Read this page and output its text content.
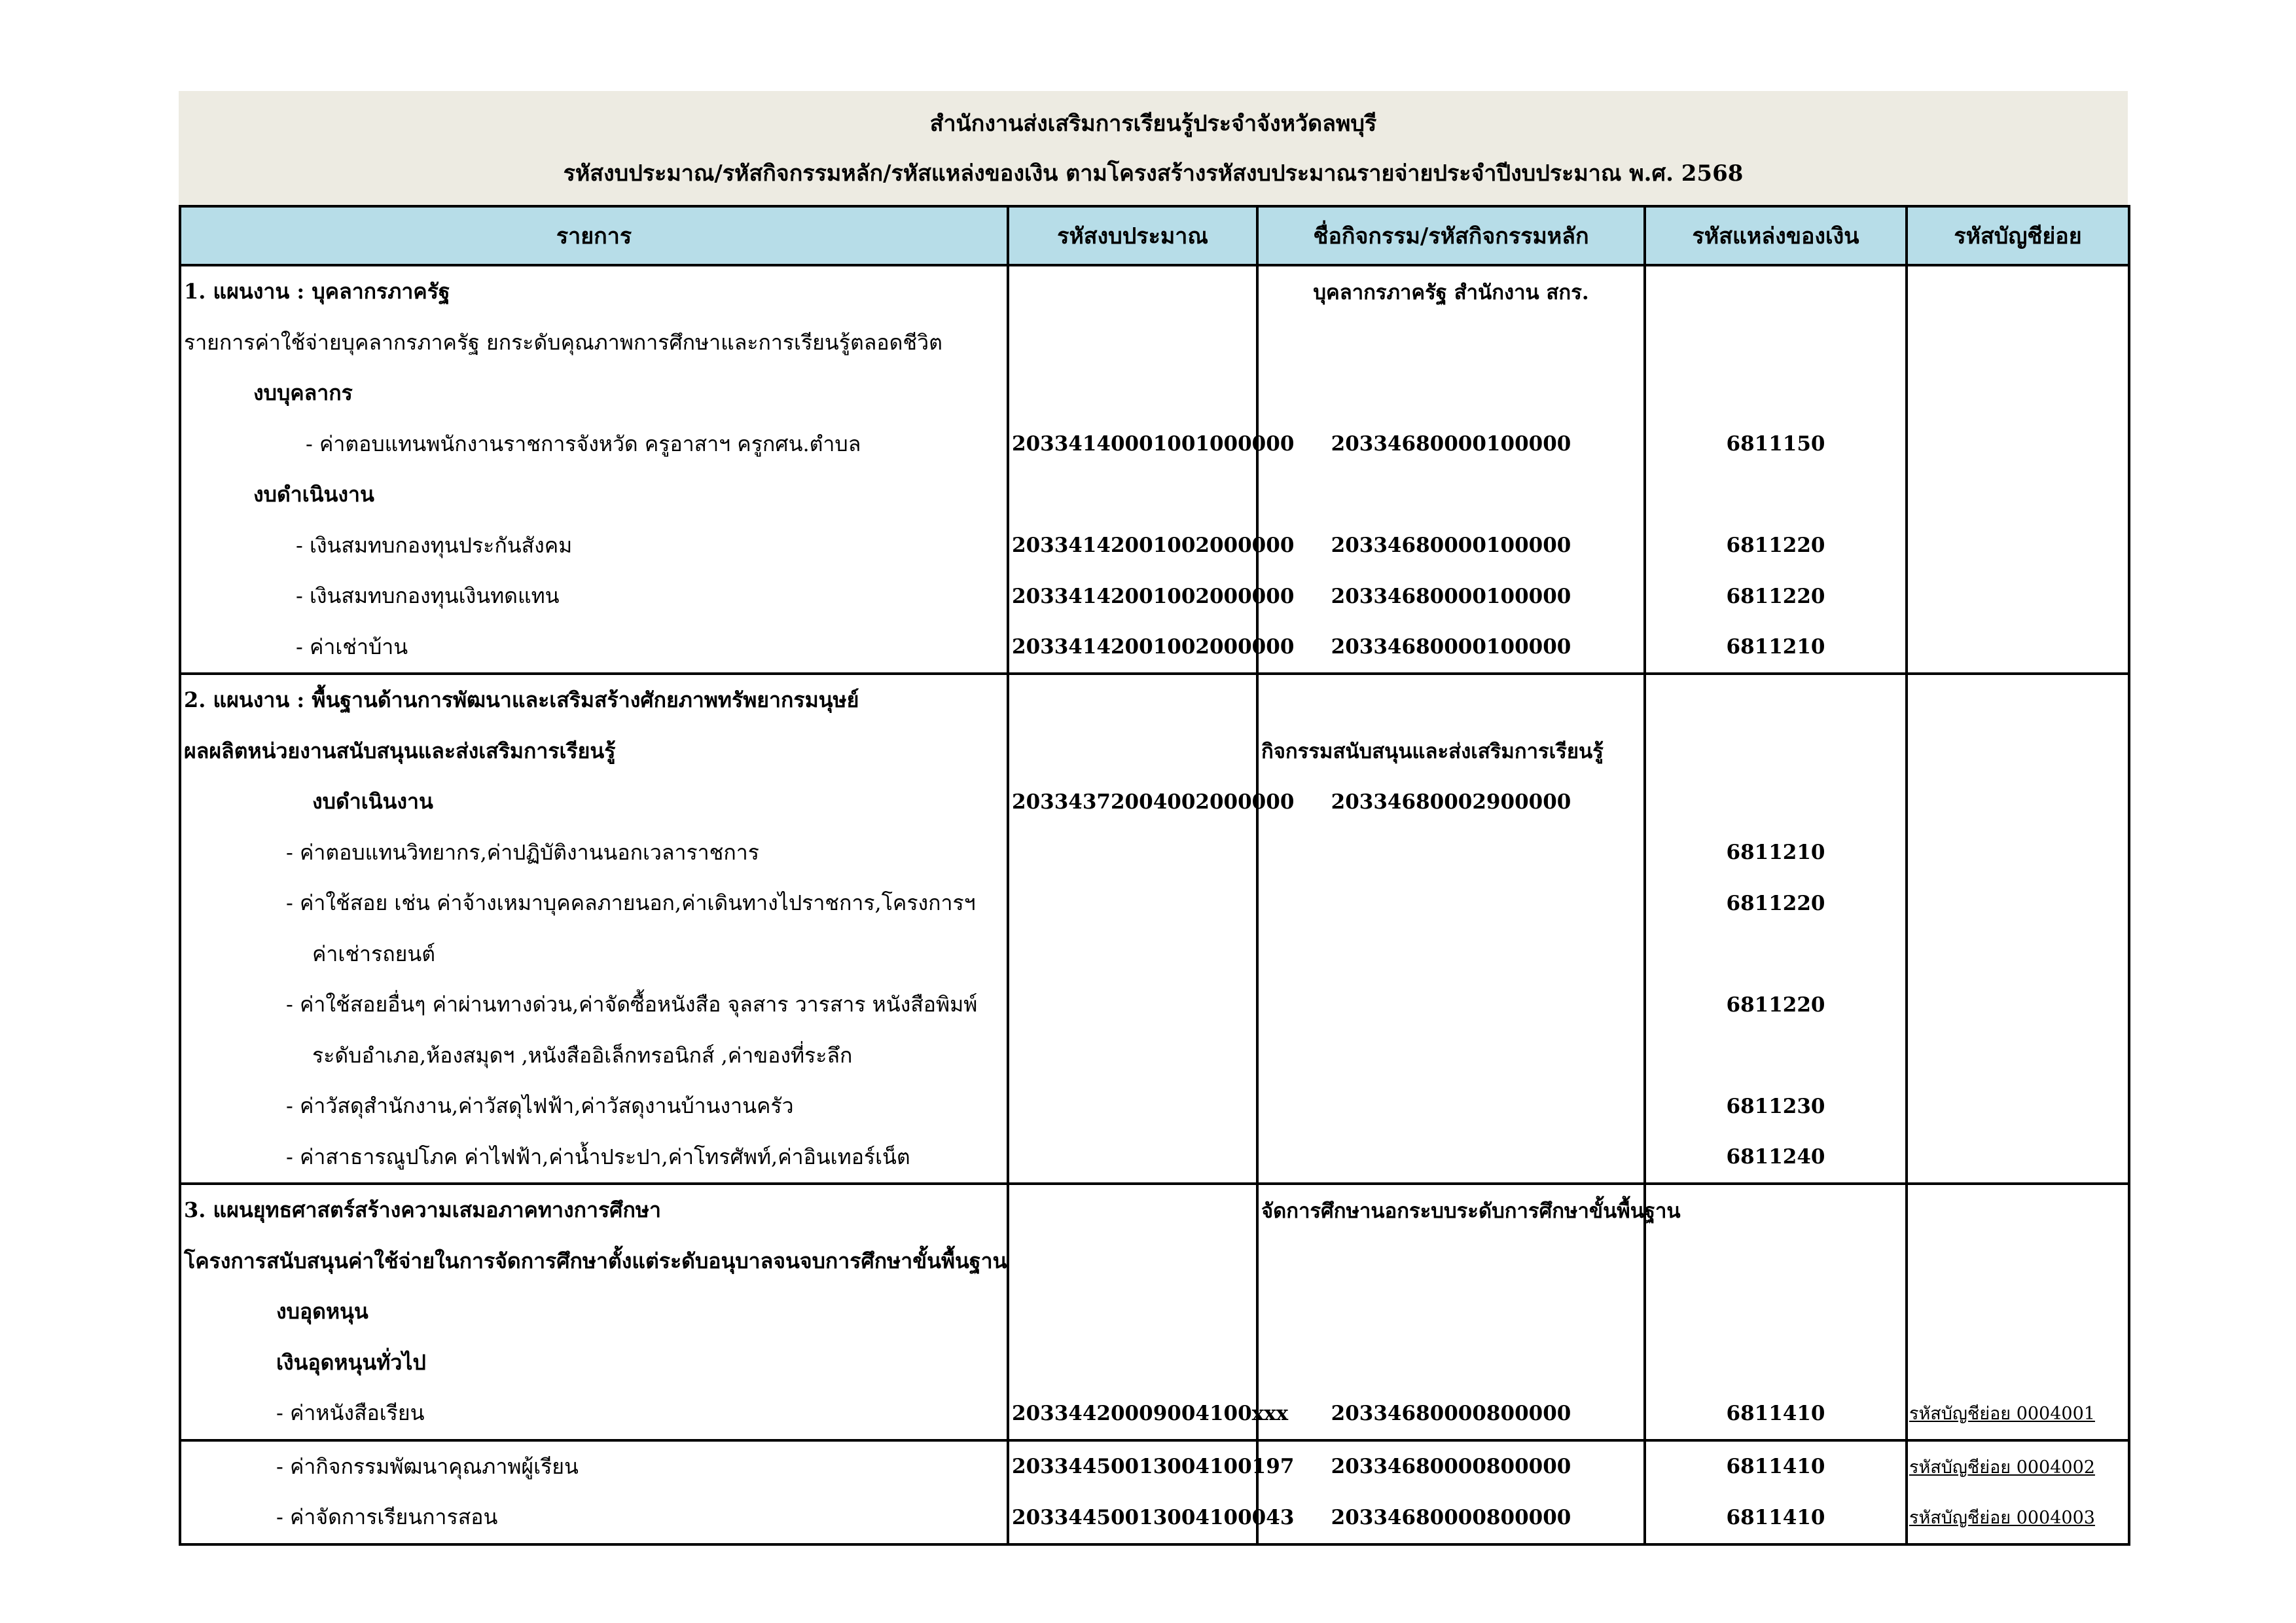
สำนักงานส่งเสริมการเรียนรู้ประจำจังหวัดลพบุรี
รหัสงบประมาณ/รหัสกิจกรรมหลัก/รหัสแหล่งของเงิน ตามโครงสร้างรหัสงบประมาณรายจ่ายประจำปีงบประมาณ พ.ศ. 2568
รายการ	รหัสงบประมาณ	ชื่อกิจกรรม/รหัสกิจกรรมหลัก	รหัสแหล่งของเงิน	รหัสบัญชีย่อย
1. แผนงาน : บุคลากรภาครัฐ		บุคลากรภาครัฐ สำนักงาน สกร.		
รายการค่าใช้จ่ายบุคลากรภาครัฐ ยกระดับคุณภาพการศึกษาและการเรียนรู้ตลอดชีวิต				
งบบุคลากร				
- ค่าตอบแทนพนักงานราชการจังหวัด ครูอาสาฯ ครูกศน.ตำบล	20334140001001000000	20334680000100000	6811150	
งบดำเนินงาน				
- เงินสมทบกองทุนประกันสังคม	20334142001002000000	20334680000100000	6811220	
- เงินสมทบกองทุนเงินทดแทน	20334142001002000000	20334680000100000	6811220	
- ค่าเช่าบ้าน	20334142001002000000	20334680000100000	6811210	
2. แผนงาน : พื้นฐานด้านการพัฒนาและเสริมสร้างศักยภาพทรัพยากรมนุษย์				
ผลผลิตหน่วยงานสนับสนุนและส่งเสริมการเรียนรู้		กิจกรรมสนับสนุนและส่งเสริมการเรียนรู้		
งบดำเนินงาน	20334372004002000000	20334680002900000		
- ค่าตอบแทนวิทยากร,ค่าปฏิบัติงานนอกเวลาราชการ			6811210	
- ค่าใช้สอย เช่น ค่าจ้างเหมาบุคคลภายนอก,ค่าเดินทางไปราชการ,โครงการฯ			6811220	
ค่าเช่ารถยนต์				
- ค่าใช้สอยอื่นๆ ค่าผ่านทางด่วน,ค่าจัดซื้อหนังสือ จุลสาร วารสาร หนังสือพิมพ์			6811220	
ระดับอำเภอ,ห้องสมุดฯ ,หนังสืออิเล็กทรอนิกส์ ,ค่าของที่ระลึก				
- ค่าวัสดุสำนักงาน,ค่าวัสดุไฟฟ้า,ค่าวัสดุงานบ้านงานครัว			6811230	
- ค่าสาธารณูปโภค ค่าไฟฟ้า,ค่าน้ำประปา,ค่าโทรศัพท์,ค่าอินเทอร์เน็ต			6811240	
3. แผนยุทธศาสตร์สร้างความเสมอภาคทางการศึกษา		จัดการศึกษานอกระบบระดับการศึกษาขั้นพื้นฐาน		
โครงการสนับสนุนค่าใช้จ่ายในการจัดการศึกษาตั้งแต่ระดับอนุบาลจนจบการศึกษาขั้นพื้นฐาน				
งบอุดหนุน				
เงินอุดหนุนทั่วไป				
- ค่าหนังสือเรียน	20334420009004100xxx	20334680000800000	6811410	รหัสบัญชีย่อย 0004001
- ค่ากิจกรรมพัฒนาคุณภาพผู้เรียน	20334450013004100197	20334680000800000	6811410	รหัสบัญชีย่อย 0004002
- ค่าจัดการเรียนการสอน	20334450013004100043	20334680000800000	6811410	รหัสบัญชีย่อย 0004003
